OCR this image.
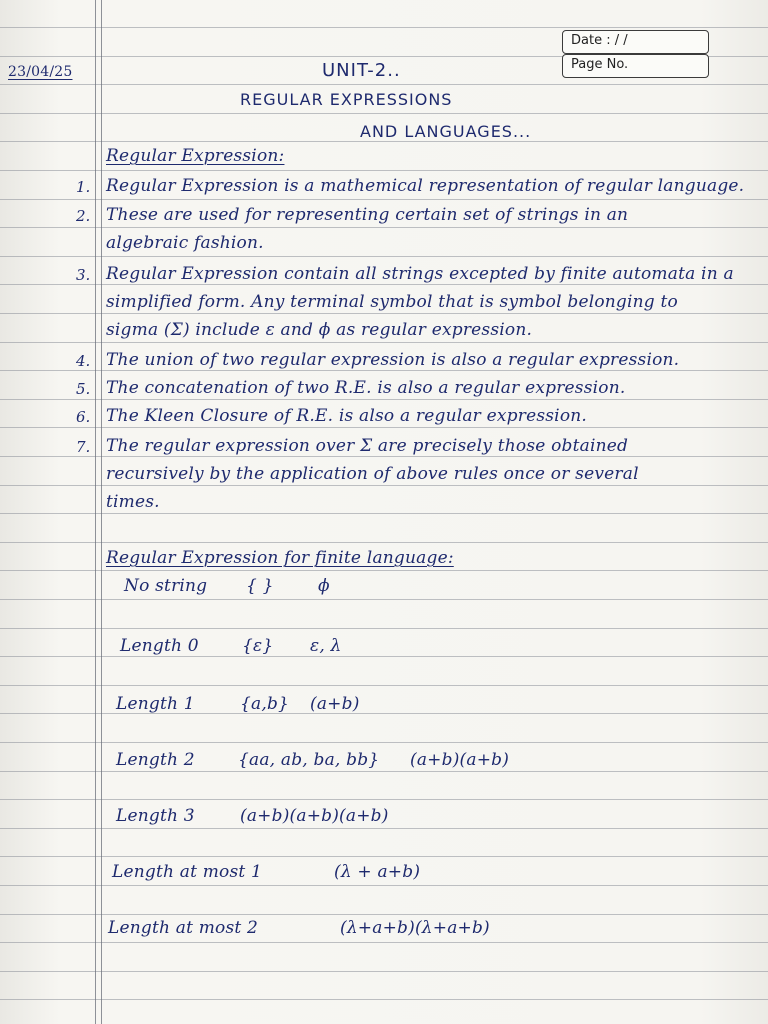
Date : / /
Page No.
23/04/25	UNIT-2..
REGULAR EXPRESSIONS
AND LANGUAGES...
Regular Expression:
1. Regular Expression is a mathemical representation of regular language.
2. These are used for representing certain set of strings in an
algebraic fashion.
3. Regular Expression contain all strings excepted by finite automata in a
simplified form. Any terminal symbol that is symbol belonging to
sigma (Σ) include ε and ϕ as regular expression.
4. The union of two regular expression is also a regular expression.
5. The concatenation of two R.E. is also a regular expression.
6. The Kleen Closure of R.E. is also a regular expression.
7. The regular expression over Σ are precisely those obtained
recursively by the application of above rules once or several
times.
Regular Expression for finite language:
No string { }	ϕ
Length 0	{ε} ε, λ
Length 1	{a,b} (a+b)
Length 2	{aa, ab, ba, bb} (a+b)(a+b)
Length 3	(a+b)(a+b)(a+b)
Length at most 1	(λ + a+b)
Length at most 2	(λ+a+b)(λ+a+b)
